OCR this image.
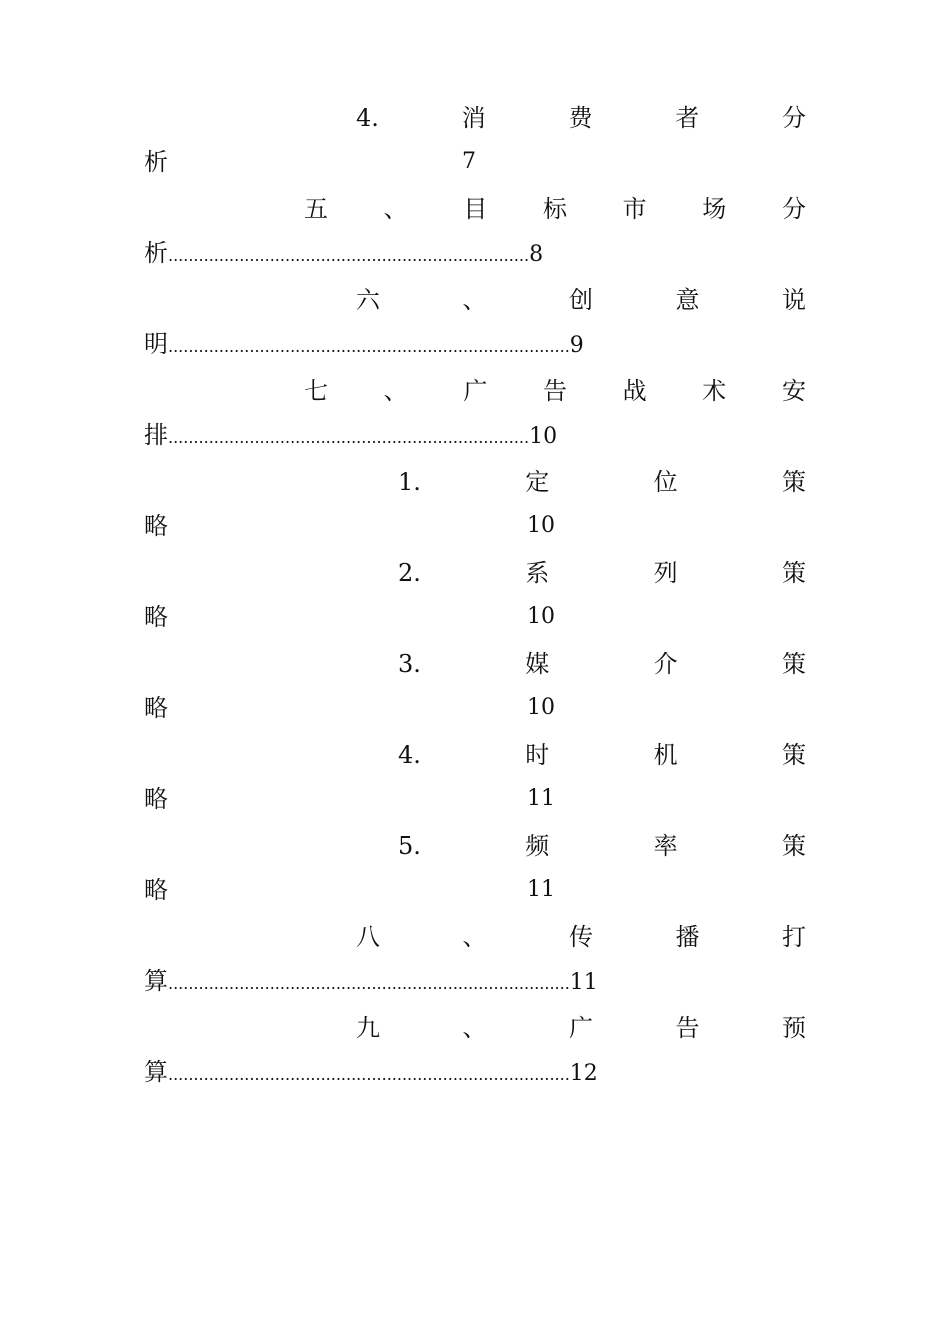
4.	消	费	者	分
析	7
五 、 目 标 市 场 分
析.......................................................................8
六	、	创	意	说
明...............................................................................9
七 、 广 告 战 术 安
排.......................................................................10
1.	定	位	策
略	10
2.	系	列	策
略	10
3.	媒	介	策
略	10
4.	时	机	策
略	11
5.	频	率	策
略	11
八	、	传	播	打
算...............................................................................11
九	、	广	告	预
算...............................................................................12
